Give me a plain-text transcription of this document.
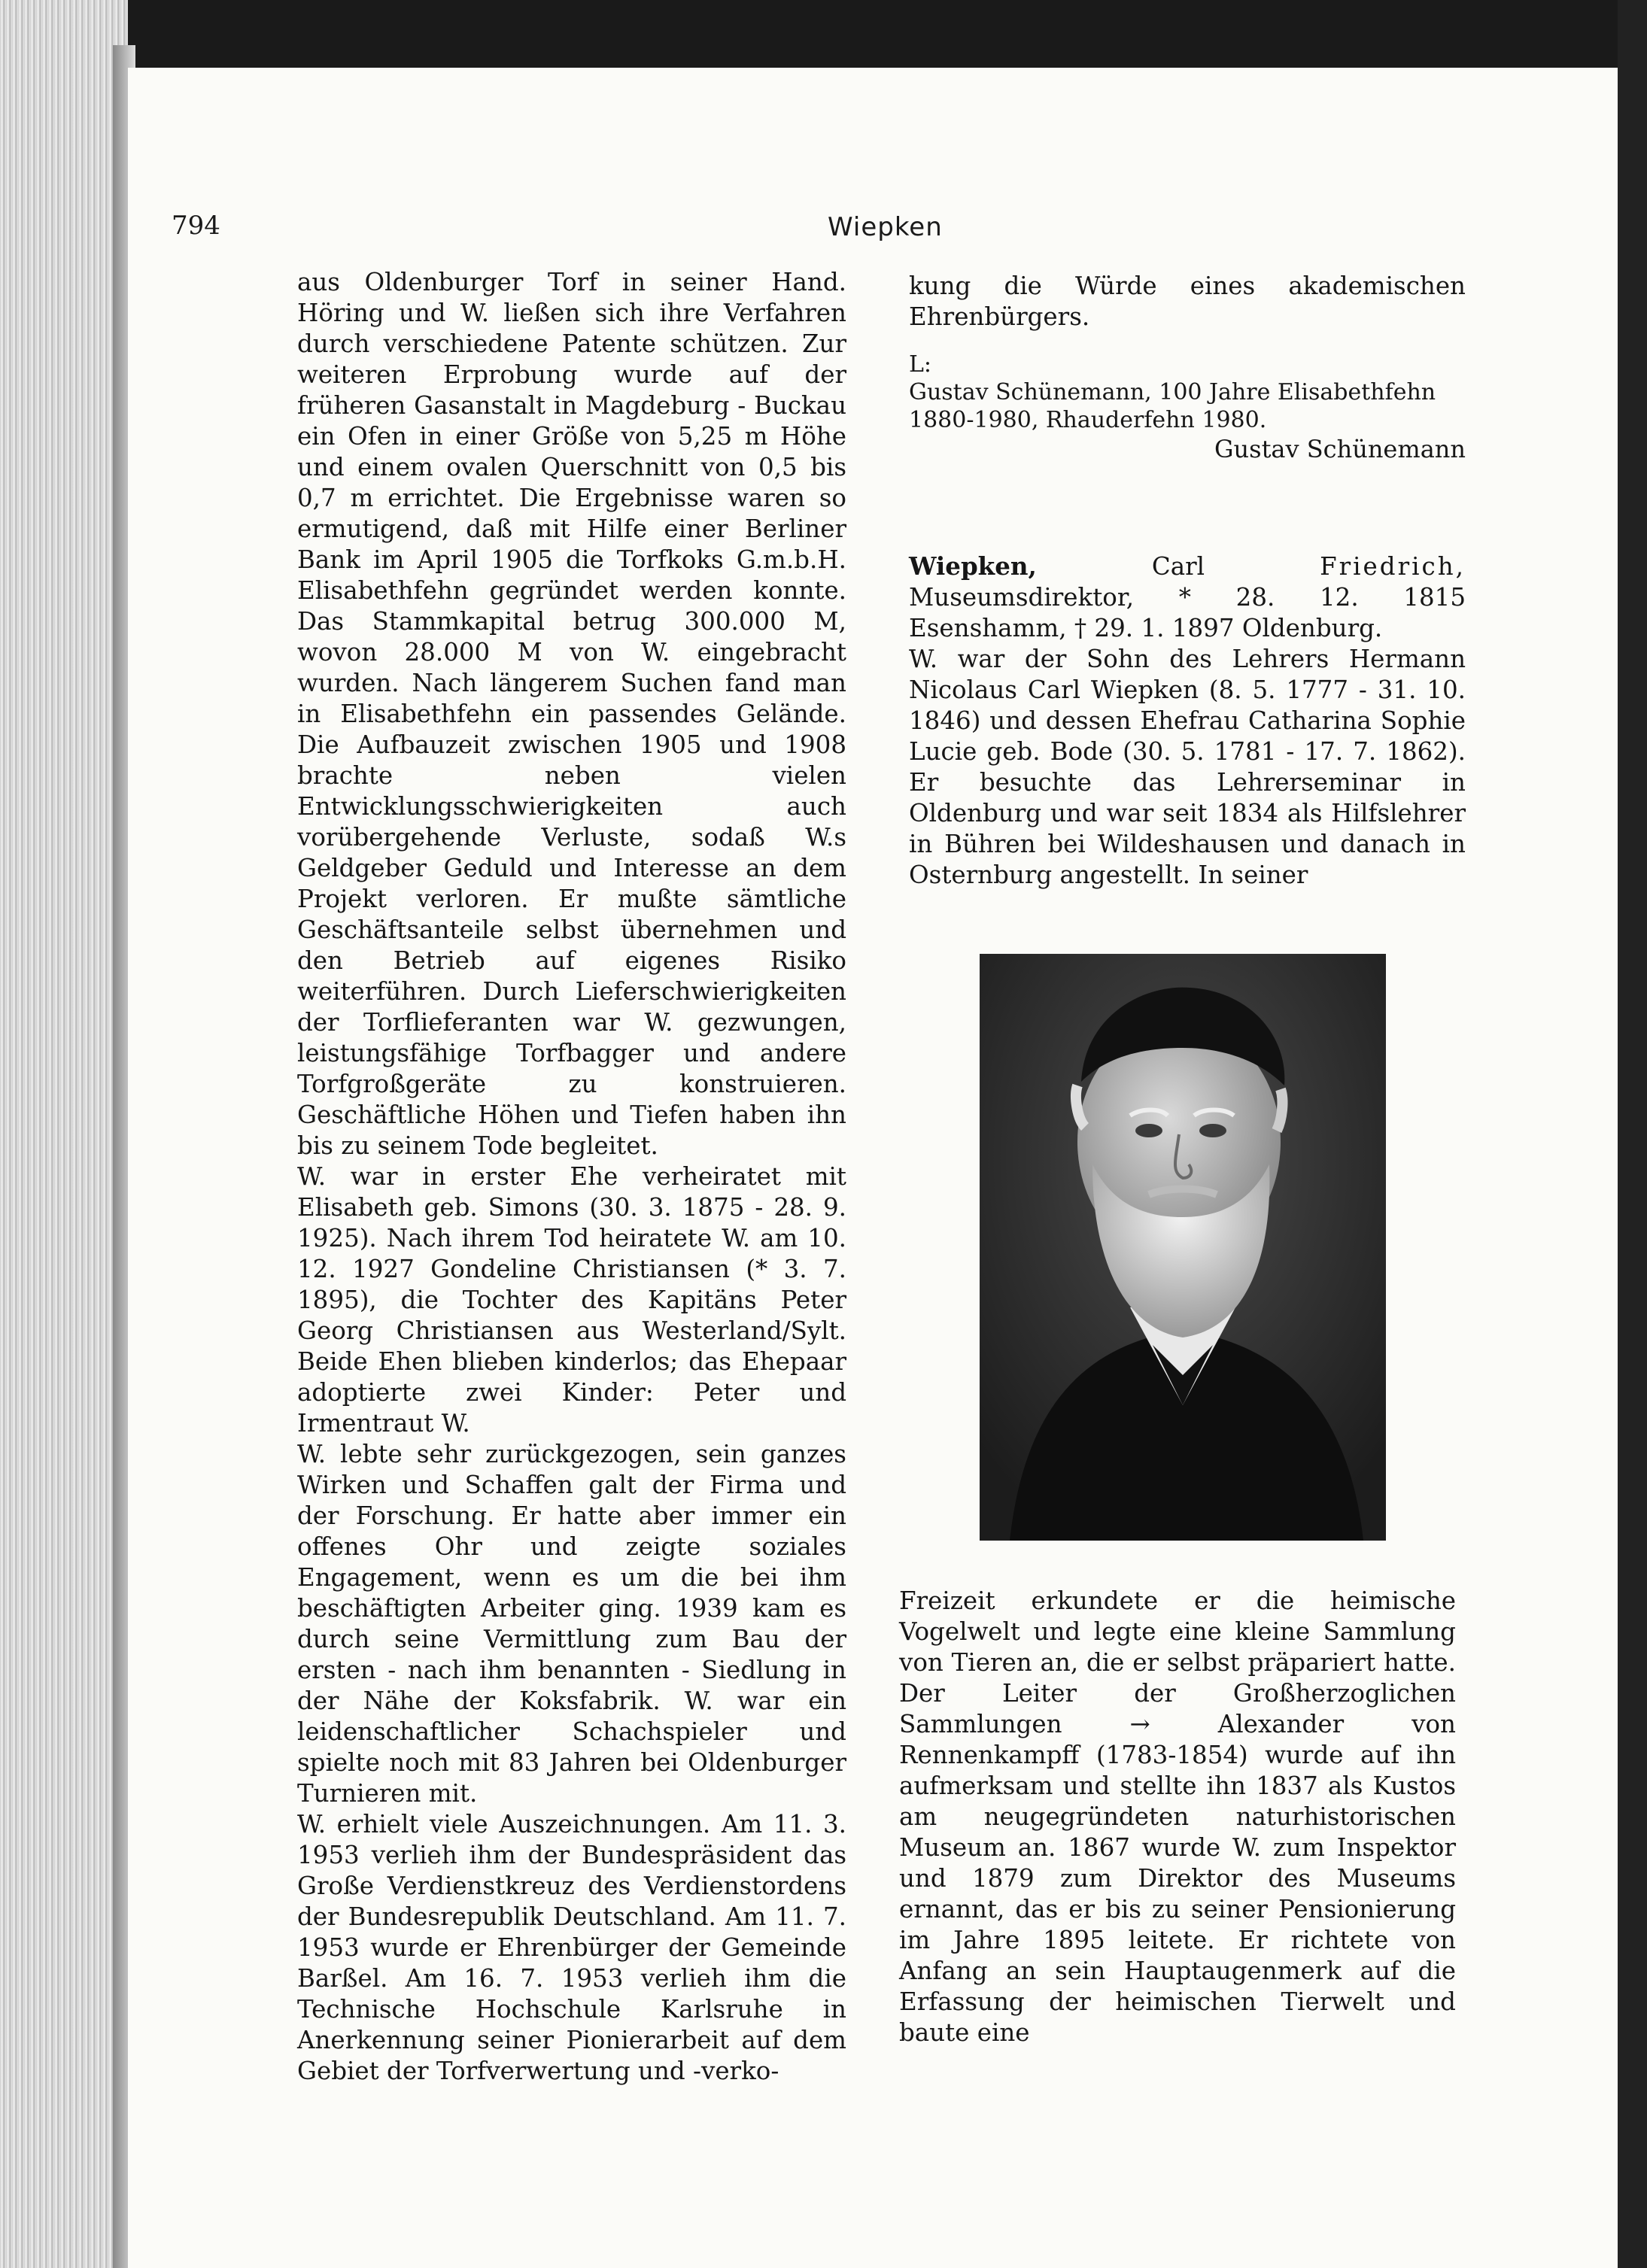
794	Wiepken

aus Oldenburger Torf in seiner Hand. Höring und W. ließen sich ihre Verfahren durch verschiedene Patente schützen. Zur weiteren Erprobung wurde auf der früheren Gasanstalt in Magdeburg - Buckau ein Ofen in einer Größe von 5,25 m Höhe und einem ovalen Querschnitt von 0,5 bis 0,7 m errichtet. Die Ergebnisse waren so ermutigend, daß mit Hilfe einer Berliner Bank im April 1905 die Torfkoks G.m.b.H. Elisabethfehn gegründet werden konnte. Das Stammkapital betrug 300.000 M, wovon 28.000 M von W. eingebracht wurden. Nach längerem Suchen fand man in Elisabethfehn ein passendes Gelände. Die Aufbauzeit zwischen 1905 und 1908 brachte neben vielen Entwicklungsschwierigkeiten auch vorübergehende Verluste, sodaß W.s Geldgeber Geduld und Interesse an dem Projekt verloren. Er mußte sämtliche Geschäftsanteile selbst übernehmen und den Betrieb auf eigenes Risiko weiterführen. Durch Lieferschwierigkeiten der Torflieferanten war W. gezwungen, leistungsfähige Torfbagger und andere Torfgroßgeräte zu konstruieren. Geschäftliche Höhen und Tiefen haben ihn bis zu seinem Tode begleitet.

W. war in erster Ehe verheiratet mit Elisabeth geb. Simons (30. 3. 1875 - 28. 9. 1925). Nach ihrem Tod heiratete W. am 10. 12. 1927 Gondeline Christiansen (* 3. 7. 1895), die Tochter des Kapitäns Peter Georg Christiansen aus Westerland/Sylt. Beide Ehen blieben kinderlos; das Ehepaar adoptierte zwei Kinder: Peter und Irmentraut W.

W. lebte sehr zurückgezogen, sein ganzes Wirken und Schaffen galt der Firma und der Forschung. Er hatte aber immer ein offenes Ohr und zeigte soziales Engagement, wenn es um die bei ihm beschäftigten Arbeiter ging. 1939 kam es durch seine Vermittlung zum Bau der ersten - nach ihm benannten - Siedlung in der Nähe der Koksfabrik. W. war ein leidenschaftlicher Schachspieler und spielte noch mit 83 Jahren bei Oldenburger Turnieren mit.

W. erhielt viele Auszeichnungen. Am 11. 3. 1953 verlieh ihm der Bundespräsident das Große Verdienstkreuz des Verdienstordens der Bundesrepublik Deutschland. Am 11. 7. 1953 wurde er Ehrenbürger der Gemeinde Barßel. Am 16. 7. 1953 verlieh ihm die Technische Hochschule Karlsruhe in Anerkennung seiner Pionierarbeit auf dem Gebiet der Torfverwertung und -verko-

kung die Würde eines akademischen Ehrenbürgers.

L:

Gustav Schünemann, 100 Jahre Elisabethfehn 1880-1980, Rhauderfehn 1980.

Gustav Schünemann

Wiepken,	Carl	Friedrich, Museumsdirektor, * 28. 12. 1815 Esenshamm, † 29. 1. 1897 Oldenburg.

W. war der Sohn des Lehrers Hermann Nicolaus Carl Wiepken (8. 5. 1777 - 31. 10. 1846) und dessen Ehefrau Catharina Sophie Lucie geb. Bode (30. 5. 1781 - 17. 7. 1862). Er besuchte das Lehrerseminar in Oldenburg und war seit 1834 als Hilfslehrer in Bühren bei Wildeshausen und danach in Osternburg angestellt. In seiner

Freizeit erkundete er die heimische Vogelwelt und legte eine kleine Sammlung von Tieren an, die er selbst präpariert hatte. Der Leiter der Großherzoglichen Sammlungen → Alexander von Rennenkampff (1783-1854) wurde auf ihn aufmerksam und stellte ihn 1837 als Kustos am neugegründeten naturhistorischen Museum an. 1867 wurde W. zum Inspektor und 1879 zum Direktor des Museums ernannt, das er bis zu seiner Pensionierung im Jahre 1895 leitete. Er richtete von Anfang an sein Hauptaugenmerk auf die Erfassung der heimischen Tierwelt und baute eine
